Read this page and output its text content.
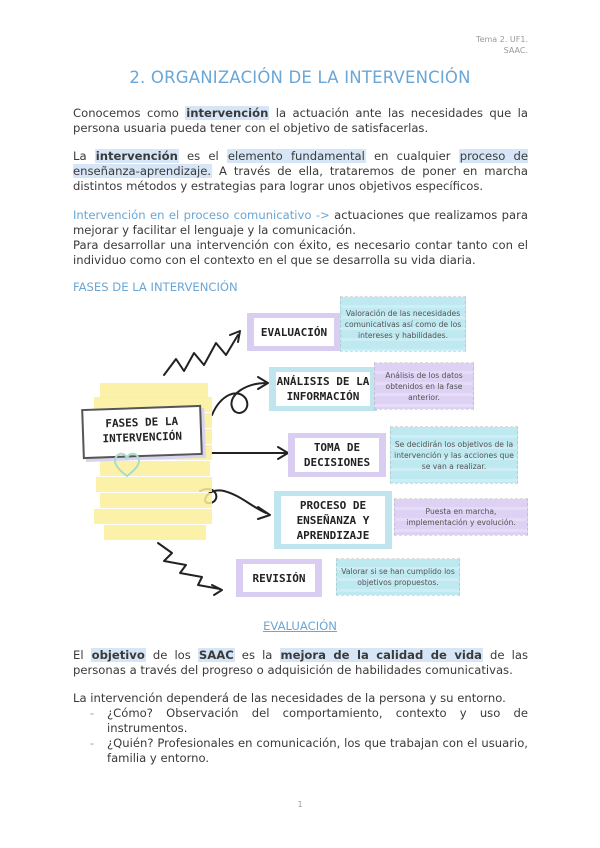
Tema 2. UF1.
SAAC.
2. ORGANIZACIÓN DE LA INTERVENCIÓN

Conocemos como intervención la actuación ante las necesidades que la persona usuaria pueda tener con el objetivo de satisfacerlas.

La intervención es el elemento fundamental en cualquier proceso de enseñanza-aprendizaje. A través de ella, trataremos de poner en marcha distintos métodos y estrategias para lograr unos objetivos específicos.

Intervención en el proceso comunicativo -> actuaciones que realizamos para mejorar y facilitar el lenguaje y la comunicación.

Para desarrollar una intervención con éxito, es necesario contar tanto con el individuo como con el contexto en el que se desarrolla su vida diaria.

FASES DE LA INTERVENCIÓN
FASES DE LA
INTERVENCIÓN
EVALUACIÓN
Valoración de las necesidades comunicativas así como de los intereses y habilidades.
ANÁLISIS DE LA
INFORMACIÓN
Análisis de los datos obtenidos en la fase anterior.
TOMA DE
DECISIONES
Se decidirán los objetivos de la intervención y las acciones que se van a realizar.
PROCESO DE
ENSEÑANZA Y
APRENDIZAJE
Puesta en marcha, implementación y evolución.
REVISIÓN	Valorar si se han cumplido los objetivos propuestos.
EVALUACIÓN

El objetivo de los SAAC es la mejora de la calidad de vida de las personas a través del progreso o adquisición de habilidades comunicativas.

La intervención dependerá de las necesidades de la persona y su entorno.

- ¿Cómo? Observación del comportamiento, contexto y uso de instrumentos.
- ¿Quién? Profesionales en comunicación, los que trabajan con el usuario, familia y entorno.
1
